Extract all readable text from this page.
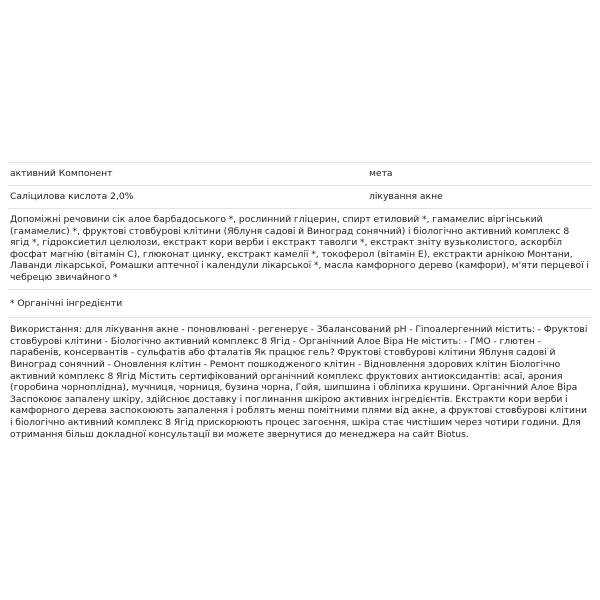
активний Компонент	мета
Саліцилова кислота 2,0%	лікування акне
Допоміжні речовини сік алое барбадоського *, рослинний гліцерин, спирт етиловий *, гамамелис віргінський (гамамелис) *, фруктові стовбурові клітини (Яблуня садові й Виноград сонячний) і біологічно активний комплекс 8 ягід *, гідроксиетил целюлози, екстракт кори верби і екстракт таволги *, екстракт зніту вузьколистого, аскорбіл фосфат магнію (вітамін С), глюконат цинку, екстракт камелії *, токоферол (вітамін Е), екстракти арнікою Монтани, Лаванди лікарської, Ромашки аптечної і календули лікарської *, масла камфорного дерево (камфори), м'яти перцевої і чебрецю звичайного *
* Органічні інгредієнти
Використання: для лікування акне - поновлювані - регенерує - Збалансований pH - Гіпоалергенний містить: - Фруктові стовбурові клітини - Біологічно активний комплекс 8 Ягід - Органічний Алое Віра Не містить: - ГМО - глютен - парабенів, консервантів - сульфатів або фталатів Як працює гель? Фруктові стовбурові клітини Яблуня садові й Виноград сонячний - Оновлення клітин - Ремонт пошкодженого клітин - Відновлення здорових клітин Біологічно активний комплекс 8 Ягід Містить сертифікований органічний комплекс фруктових антиоксидантів: асаї, арония (горобина чорноплідна), мучниця, чорниця, бузина чорна, Гойя, шипшина і обліпиха крушини. Органічний Алое Віра Заспокоює запалену шкіру, здійснює доставку і поглинання шкірою активних інгредієнтів. Екстракти кори верби і камфорного дерева заспокоюють запалення і роблять менш помітними плями від акне, а фруктові стовбурові клітини і біологічно активний комплекс 8 Ягід прискорюють процес загоєння, шкіра стає чистішим через чотири години. Для отримання більш докладної консультації ви можете звернутися до менеджера на сайт Biotus.
